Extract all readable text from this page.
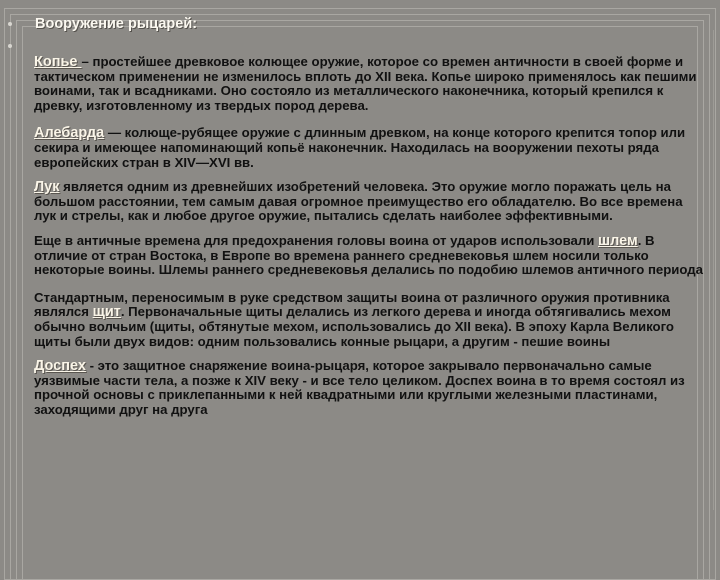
Вооружение рыцарей:

Копье – простейшее древковое колющее оружие, которое со времен античности в своей форме и тактическом применении не изменилось вплоть до XII века. Копье широко применялось как пешими воинами, так и всадниками. Оно состояло из металлического наконечника, который крепился к древку, изготовленному из твердых пород дерева.

Алебарда — колюще-рубящее оружие с длинным древком, на конце которого крепится топор или секира и имеющее напоминающий копьё наконечник. Находилась на вооружении пехоты ряда европейских стран в XIV—XVI вв.

Лук является одним из древнейших изобретений человека. Это оружие могло поражать цель на большом расстоянии, тем самым давая огромное преимущество его обладателю. Во все времена лук и стрелы, как и любое другое оружие, пытались сделать наиболее эффективными.

Еще в античные времена для предохранения головы воина от ударов использовали шлем. В отличие от стран Востока, в Европе во времена раннего средневековья шлем носили только некоторые воины. Шлемы раннего средневековья делались по подобию шлемов античного периода

Стандартным, переносимым в руке средством защиты воина от различного оружия противника являлся щит. Первоначальные щиты делались из легкого дерева и иногда обтягивались мехом обычно волчьим (щиты, обтянутые мехом, использовались до XII века). В эпоху Карла Великого щиты были двух видов: одним пользовались конные рыцари, а другим - пешие воины

Доспех - это защитное снаряжение воина-рыцаря, которое закрывало первоначально самые уязвимые части тела, а позже к XIV веку - и все тело целиком. Доспех воина в то время состоял из прочной основы с приклепанными к ней квадратными или круглыми железными пластинами, заходящими друг на друга
